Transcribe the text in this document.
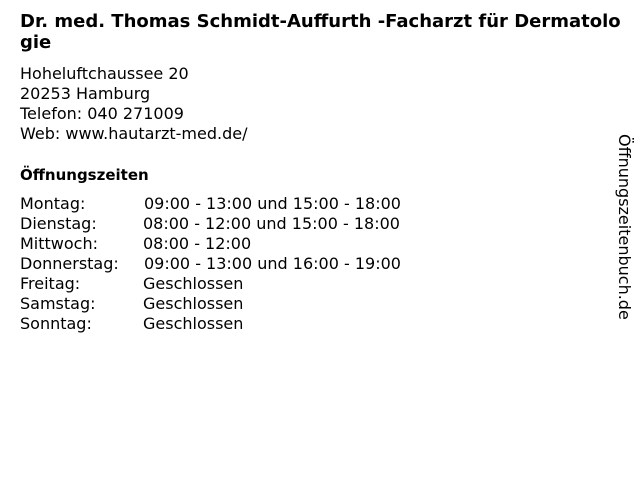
Dr. med. Thomas Schmidt-Auffurth -Facharzt für Dermatologie
Hoheluftchaussee 20
20253 Hamburg
Telefon: 040 271009
Web: www.hautarzt-med.de/
Öffnungszeiten
Montag:	09:00 - 13:00 und 15:00 - 18:00
Dienstag:	08:00 - 12:00 und 15:00 - 18:00
Mittwoch:	08:00 - 12:00
Donnerstag:	09:00 - 13:00 und 16:00 - 19:00
Freitag:	Geschlossen
Samstag:	Geschlossen
Sonntag:	Geschlossen
Öffnungszeitenbuch.de
